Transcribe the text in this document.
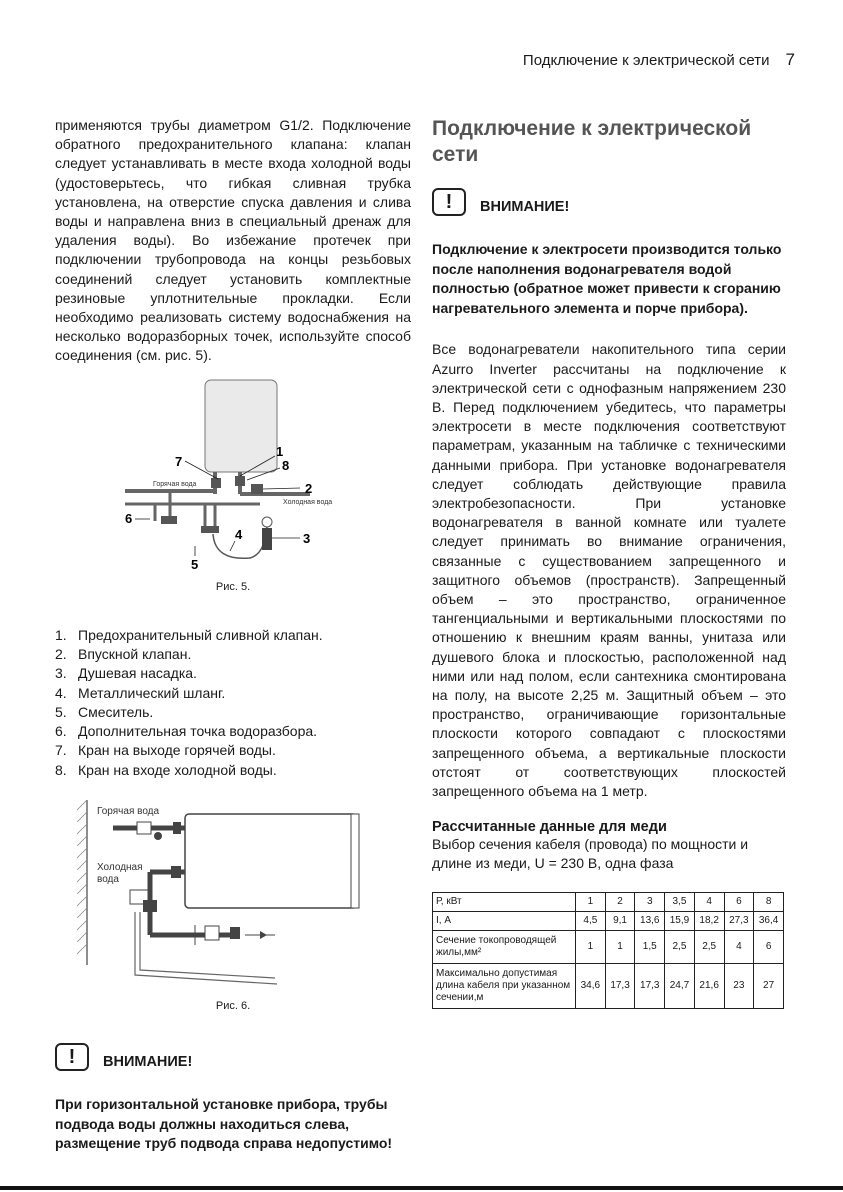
Подключение к электрической сети 7

применяются трубы диаметром G1/2. Подключение обратного предохранительного клапана: клапан следует устанавливать в месте входа холодной воды (удостоверьтесь, что гибкая сливная трубка установлена, на отверстие спуска давления и слива воды и направлена вниз в специальный дренаж для удаления воды). Во избежание протечек при подключении трубопровода на концы резьбовых соединений следует установить комплектные резиновые уплотнительные прокладки. Если необходимо реализовать систему водоснабжения на несколько водоразборных точек, используйте способ соединения (см. рис. 5).

Горячая вода
Холодная вода
1
2
3
4
5
6
7	8
Рис. 5.
1. Предохранительный сливной клапан.
2. Впускной клапан.
3. Душевая насадка.
4. Металлический шланг.
5. Смеситель.
6. Дополнительная точка водоразбора.
7. Кран на выходе горячей воды.
8. Кран на входе холодной воды.
Горячая вода
Холодная
вода
Рис. 6.
!	ВНИМАНИЕ!

При горизонтальной установке прибора, трубы подвода воды должны находиться слева, размещение труб подвода справа недопустимо!

Подключение к электрической сети
!	ВНИМАНИЕ!

Подключение к электросети производится только после наполнения водонагревателя водой полностью (обратное может привести к сгоранию нагревательного элемента и порче прибора).

Все водонагреватели накопительного типа серии Azurro Inverter рассчитаны на подключение к электрической сети с однофазным напряжением 230 В. Перед подключением убедитесь, что параметры электросети в месте подключения соответствуют параметрам, указанным на табличке с техническими данными прибора. При установке водонагревателя следует соблюдать действующие правила электробезопасности. При установке водонагревателя в ванной комнате или туалете следует принимать во внимание ограничения, связанные с существованием запрещенного и защитного объемов (пространств). Запрещенный объем – это пространство, ограниченное тангенциальными и вертикальными плоскостями по отношению к внешним краям ванны, унитаза или душевого блока и плоскостью, расположенной над ними или над полом, если сантехника смонтирована на полу, на высоте 2,25 м. Защитный объем – это пространство, ограничивающие горизонтальные плоскости которого совпадают с плоскостями запрещенного объема, а вертикальные плоскости отстоят от соответствующих плоскостей запрещенного объема на 1 метр.

Рассчитанные данные для меди

Выбор сечения кабеля (провода) по мощности и длине из меди, U = 230 В, одна фаза

Р, кВт	1	2	3	3,5	4	6	8
I, А	4,5	9,1	13,6	15,9	18,2	27,3	36,4
Сечение токопроводящей жилы,мм²	1	1	1,5	2,5	2,5	4	6
Максимально допустимая длина кабеля при указанном сечении,м	34,6	17,3	17,3	24,7	21,6	23	27
